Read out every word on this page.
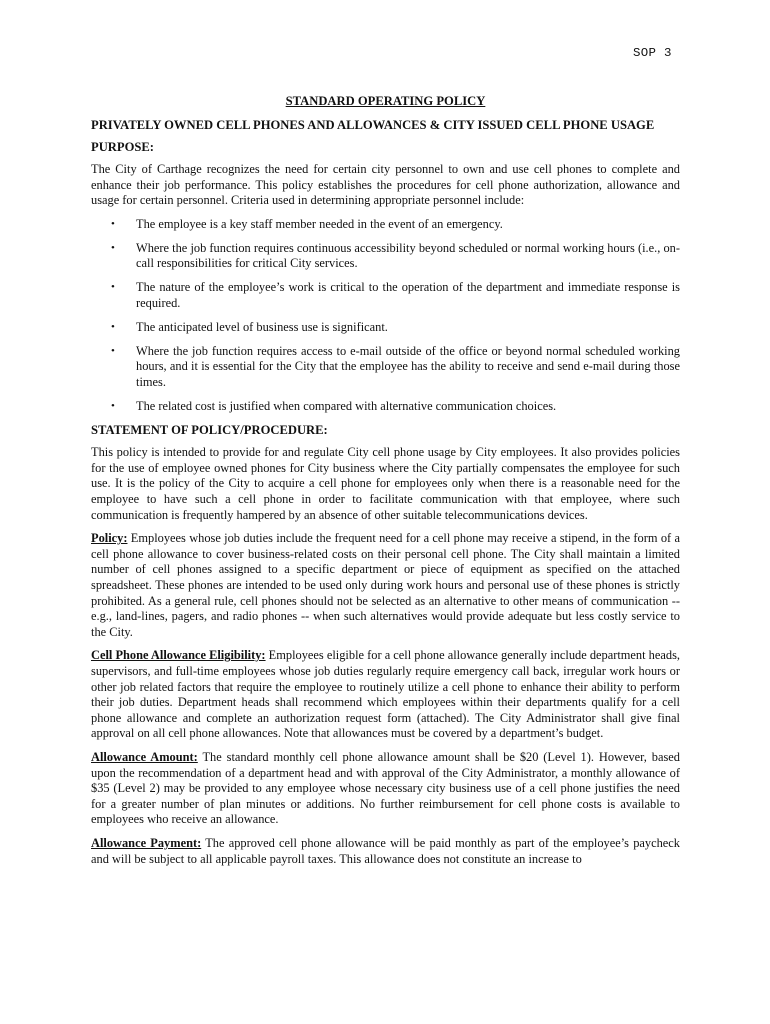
SOP 3
STANDARD OPERATING POLICY
PRIVATELY OWNED CELL PHONES AND ALLOWANCES & CITY ISSUED CELL PHONE USAGE
PURPOSE:

The City of Carthage recognizes the need for certain city personnel to own and use cell phones to complete and enhance their job performance. This policy establishes the procedures for cell phone authorization, allowance and usage for certain personnel. Criteria used in determining appropriate personnel include:

• The employee is a key staff member needed in the event of an emergency.
• Where the job function requires continuous accessibility beyond scheduled or normal working hours (i.e., on-call responsibilities for critical City services.
• The nature of the employee’s work is critical to the operation of the department and immediate response is required.
• The anticipated level of business use is significant.
• Where the job function requires access to e-mail outside of the office or beyond normal scheduled working hours, and it is essential for the City that the employee has the ability to receive and send e-mail during those times.
• The related cost is justified when compared with alternative communication choices.
STATEMENT OF POLICY/PROCEDURE:

This policy is intended to provide for and regulate City cell phone usage by City employees. It also provides policies for the use of employee owned phones for City business where the City partially compensates the employee for such use. It is the policy of the City to acquire a cell phone for employees only when there is a reasonable need for the employee to have such a cell phone in order to facilitate communication with that employee, where such communication is frequently hampered by an absence of other suitable telecommunications devices.

Policy: Employees whose job duties include the frequent need for a cell phone may receive a stipend, in the form of a cell phone allowance to cover business-related costs on their personal cell phone. The City shall maintain a limited number of cell phones assigned to a specific department or piece of equipment as specified on the attached spreadsheet. These phones are intended to be used only during work hours and personal use of these phones is strictly prohibited. As a general rule, cell phones should not be selected as an alternative to other means of communication -- e.g., land-lines, pagers, and radio phones -- when such alternatives would provide adequate but less costly service to the City.

Cell Phone Allowance Eligibility: Employees eligible for a cell phone allowance generally include department heads, supervisors, and full-time employees whose job duties regularly require emergency call back, irregular work hours or other job related factors that require the employee to routinely utilize a cell phone to enhance their ability to perform their job duties. Department heads shall recommend which employees within their departments qualify for a cell phone allowance and complete an authorization request form (attached). The City Administrator shall give final approval on all cell phone allowances. Note that allowances must be covered by a department’s budget.

Allowance Amount: The standard monthly cell phone allowance amount shall be $20 (Level 1). However, based upon the recommendation of a department head and with approval of the City Administrator, a monthly allowance of $35 (Level 2) may be provided to any employee whose necessary city business use of a cell phone justifies the need for a greater number of plan minutes or additions. No further reimbursement for cell phone costs is available to employees who receive an allowance.

Allowance Payment: The approved cell phone allowance will be paid monthly as part of the employee’s paycheck and will be subject to all applicable payroll taxes. This allowance does not constitute an increase to
